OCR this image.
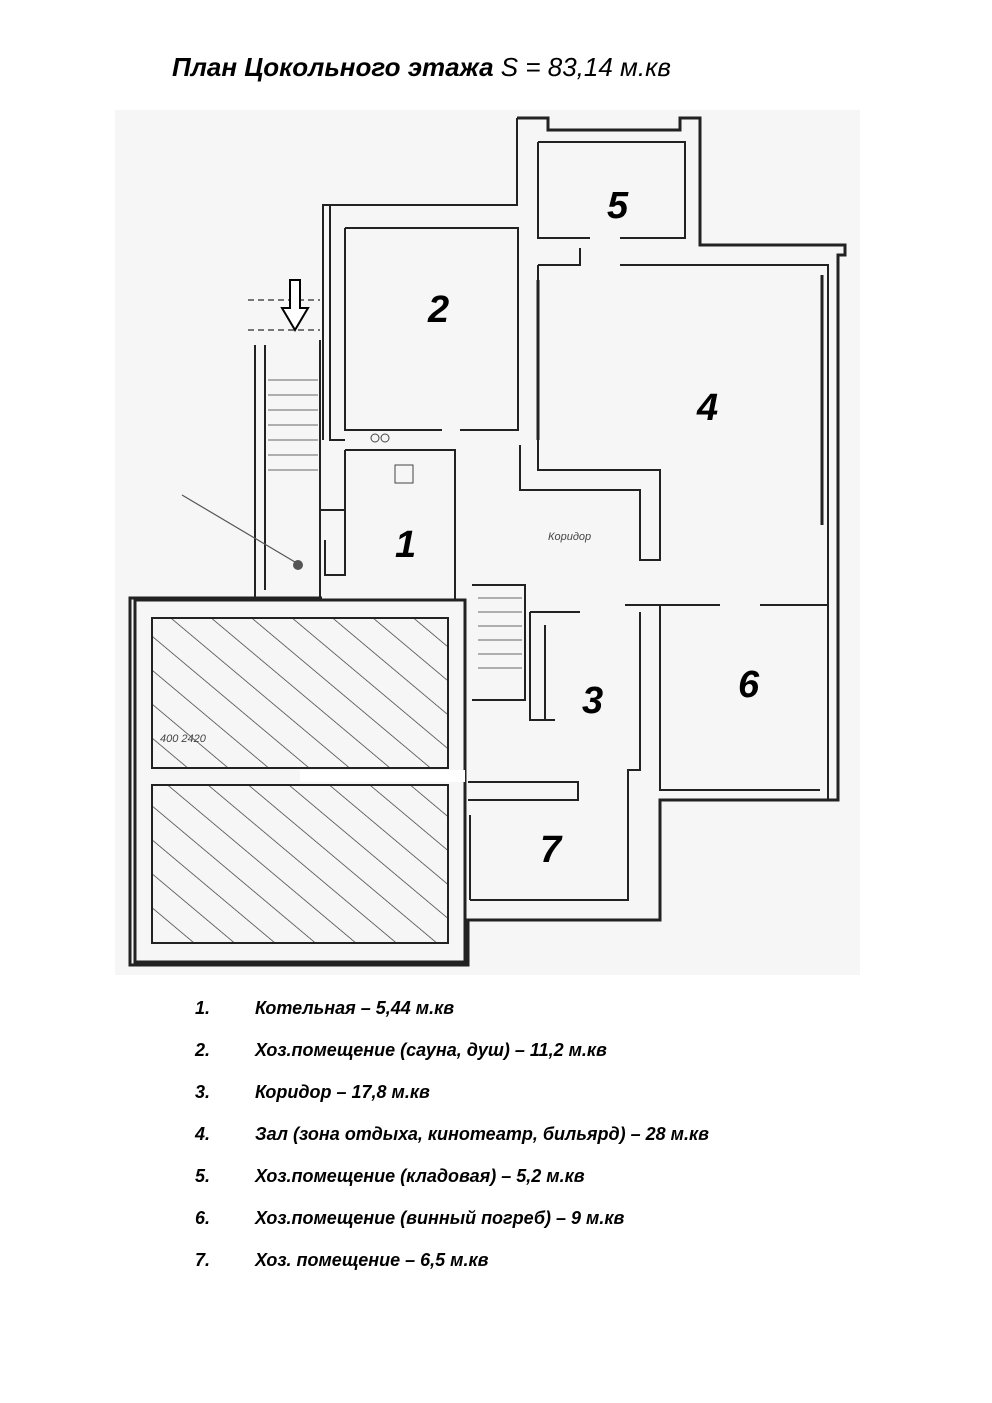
План Цокольного этажа S = 83,14 м.кв
Коридор
400 2420
1
2
3
4
5
6
7
1. Котельная – 5,44 м.кв
2. Хоз.помещение (сауна, душ) – 11,2 м.кв
3. Коридор – 17,8 м.кв
4. Зал (зона отдыха, кинотеатр, бильярд) – 28 м.кв
5. Хоз.помещение (кладовая) – 5,2 м.кв
6. Хоз.помещение (винный погреб) – 9 м.кв
7. Хоз. помещение – 6,5 м.кв
